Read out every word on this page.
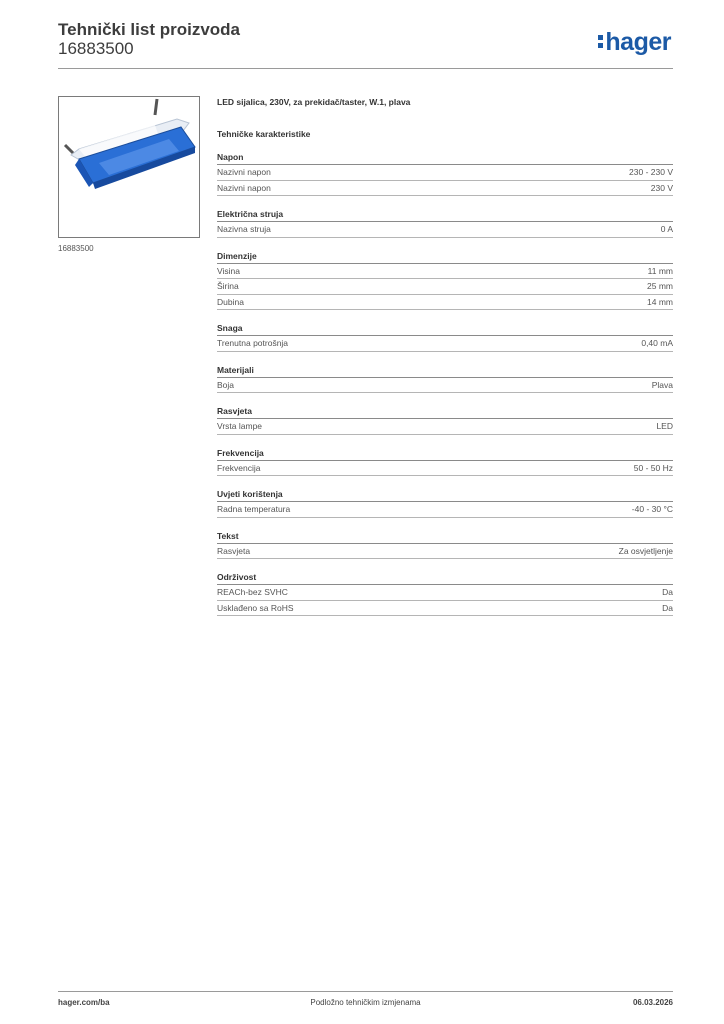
Tehnički list proizvoda
16883500	hager
16883500
LED sijalica, 230V, za prekidač/taster, W.1, plava
Tehničke karakteristike
Napon
Nazivni napon	230 - 230 V
Nazivni napon	230 V
Električna struja
Nazivna struja	0 A
Dimenzije
Visina	11 mm
Širina	25 mm
Dubina	14 mm
Snaga
Trenutna potrošnja	0,40 mA
Materijali
Boja	Plava
Rasvjeta
Vrsta lampe	LED
Frekvencija
Frekvencija	50 - 50 Hz
Uvjeti korištenja
Radna temperatura	-40 - 30 °C
Tekst
Rasvjeta	Za osvjetljenje
Održivost
REACh-bez SVHC	Da
Usklađeno sa RoHS	Da
hager.com/ba	Podložno tehničkim izmjenama	06.03.2026
